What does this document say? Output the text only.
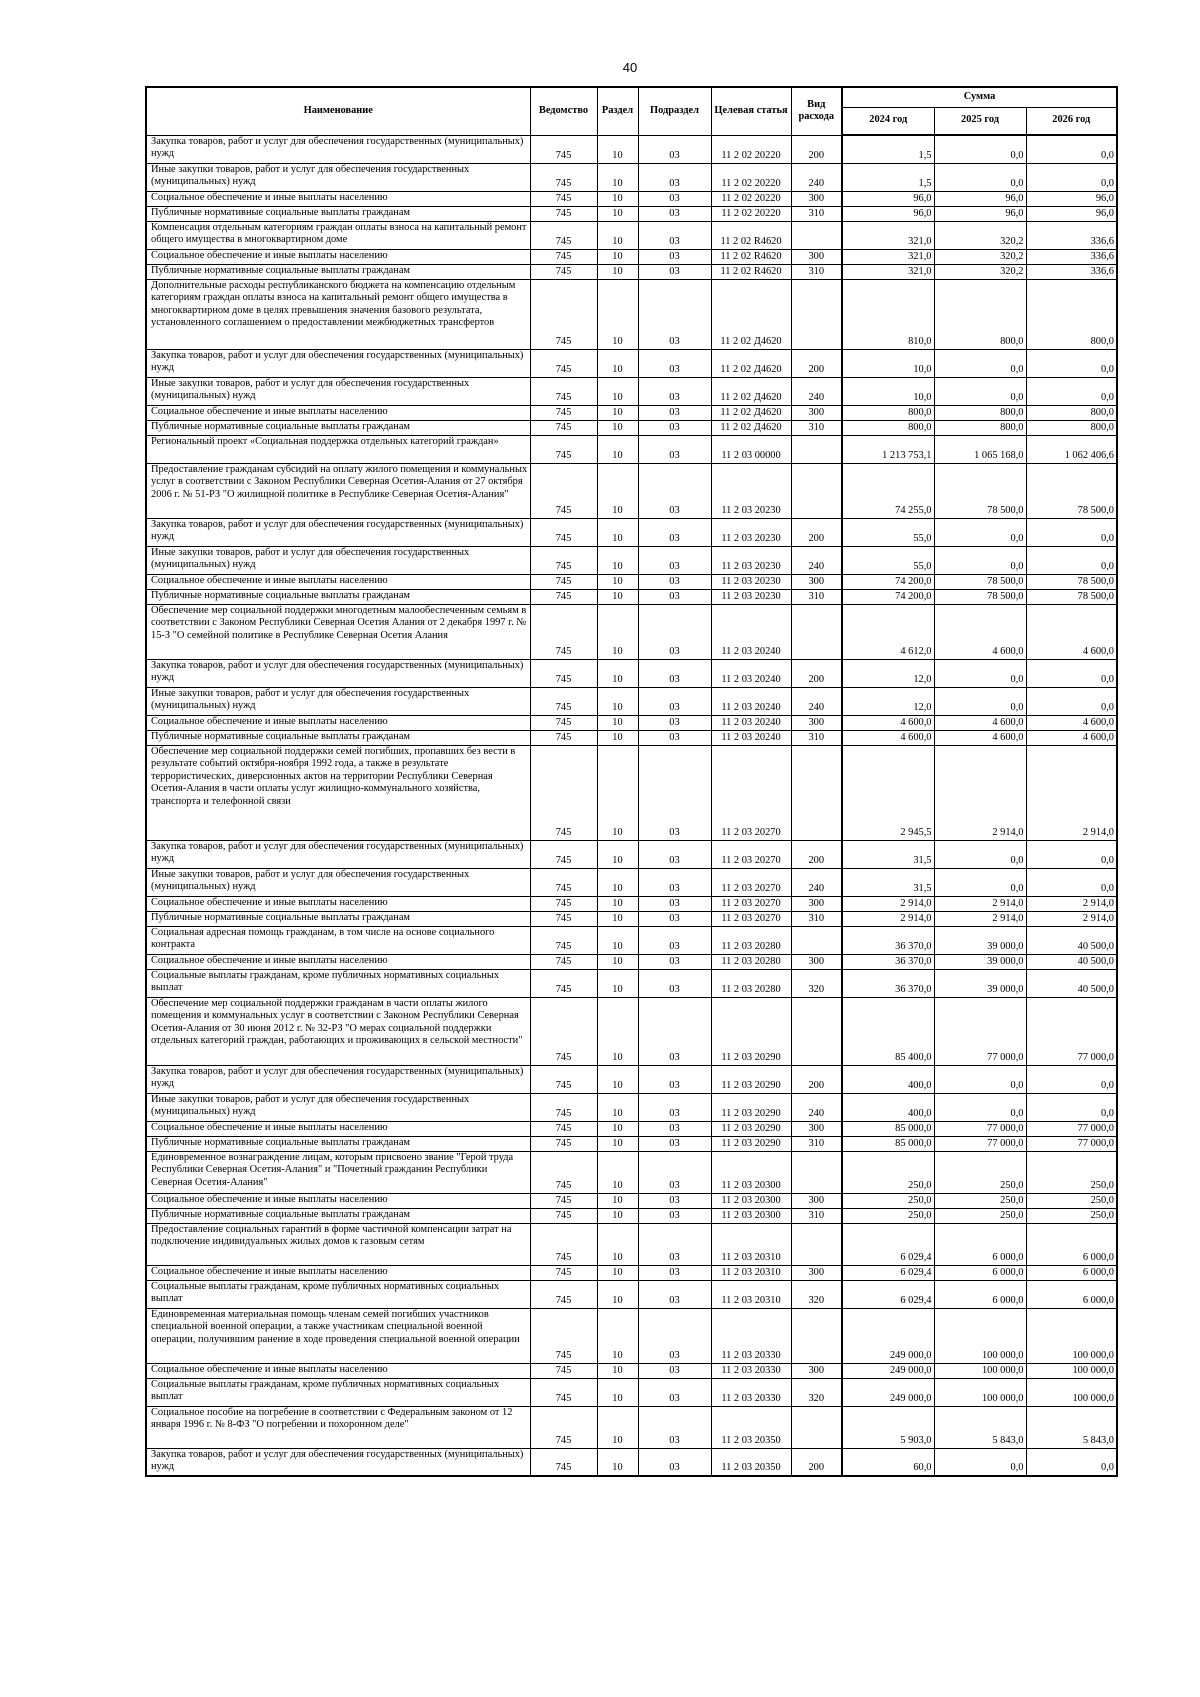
40
Наименование	Ведомство	Раздел	Подраздел	Целевая статья	Вид расхода	Сумма		
						2024 год	2025 год	2026 год
Закупка товаров, работ и услуг для обеспечения государственных (муниципальных) нужд	745	10	03	11 2 02 20220	200	1,5	0,0	0,0
Иные закупки товаров, работ и услуг для обеспечения государственных (муниципальных) нужд	745	10	03	11 2 02 20220	240	1,5	0,0	0,0
Социальное обеспечение и иные выплаты населению	745	10	03	11 2 02 20220	300	96,0	96,0	96,0
Публичные нормативные социальные выплаты гражданам	745	10	03	11 2 02 20220	310	96,0	96,0	96,0
Компенсация отдельным категориям граждан оплаты взноса на капитальный ремонт общего имущества в многоквартирном доме	745	10	03	11 2 02 R4620		321,0	320,2	336,6
Социальное обеспечение и иные выплаты населению	745	10	03	11 2 02 R4620	300	321,0	320,2	336,6
Публичные нормативные социальные выплаты гражданам	745	10	03	11 2 02 R4620	310	321,0	320,2	336,6
Дополнительные расходы республиканского бюджета на компенсацию отдельным категориям граждан оплаты взноса на капитальный ремонт общего имущества в многоквартирном доме в целях превышения значения базового результата, установленного соглашением о предоставлении межбюджетных трансфертов	745	10	03	11 2 02 Д4620		810,0	800,0	800,0
Закупка товаров, работ и услуг для обеспечения государственных (муниципальных) нужд	745	10	03	11 2 02 Д4620	200	10,0	0,0	0,0
Иные закупки товаров, работ и услуг для обеспечения государственных (муниципальных) нужд	745	10	03	11 2 02 Д4620	240	10,0	0,0	0,0
Социальное обеспечение и иные выплаты населению	745	10	03	11 2 02 Д4620	300	800,0	800,0	800,0
Публичные нормативные социальные выплаты гражданам	745	10	03	11 2 02 Д4620	310	800,0	800,0	800,0
Региональный проект «Социальная поддержка отдельных категорий граждан»	745	10	03	11 2 03 00000		1 213 753,1	1 065 168,0	1 062 406,6
Предоставление гражданам субсидий на оплату жилого помещения и коммунальных услуг в соответствии с Законом Республики Северная Осетия-Алания от 27 октября 2006 г. № 51-РЗ "О жилищной политике в Республике Северная Осетия-Алания"	745	10	03	11 2 03 20230		74 255,0	78 500,0	78 500,0
Закупка товаров, работ и услуг для обеспечения государственных (муниципальных) нужд	745	10	03	11 2 03 20230	200	55,0	0,0	0,0
Иные закупки товаров, работ и услуг для обеспечения государственных (муниципальных) нужд	745	10	03	11 2 03 20230	240	55,0	0,0	0,0
Социальное обеспечение и иные выплаты населению	745	10	03	11 2 03 20230	300	74 200,0	78 500,0	78 500,0
Публичные нормативные социальные выплаты гражданам	745	10	03	11 2 03 20230	310	74 200,0	78 500,0	78 500,0
Обеспечение мер социальной поддержки многодетным малообеспеченным семьям в соответствии с Законом Республики Северная Осетия Алания от 2 декабря 1997 г. № 15-З "О семейной политике в Республике Северная Осетия Алания	745	10	03	11 2 03 20240		4 612,0	4 600,0	4 600,0
Закупка товаров, работ и услуг для обеспечения государственных (муниципальных) нужд	745	10	03	11 2 03 20240	200	12,0	0,0	0,0
Иные закупки товаров, работ и услуг для обеспечения государственных (муниципальных) нужд	745	10	03	11 2 03 20240	240	12,0	0,0	0,0
Социальное обеспечение и иные выплаты населению	745	10	03	11 2 03 20240	300	4 600,0	4 600,0	4 600,0
Публичные нормативные социальные выплаты гражданам	745	10	03	11 2 03 20240	310	4 600,0	4 600,0	4 600,0
Обеспечение мер социальной поддержки семей погибших, пропавших без вести в результате событий октября-ноября 1992 года, а также в результате террористических, диверсионных актов на территории Республики Северная Осетия-Алания в части оплаты услуг жилищно-коммунального хозяйства, транспорта и телефонной связи	745	10	03	11 2 03 20270		2 945,5	2 914,0	2 914,0
Закупка товаров, работ и услуг для обеспечения государственных (муниципальных) нужд	745	10	03	11 2 03 20270	200	31,5	0,0	0,0
Иные закупки товаров, работ и услуг для обеспечения государственных (муниципальных) нужд	745	10	03	11 2 03 20270	240	31,5	0,0	0,0
Социальное обеспечение и иные выплаты населению	745	10	03	11 2 03 20270	300	2 914,0	2 914,0	2 914,0
Публичные нормативные социальные выплаты гражданам	745	10	03	11 2 03 20270	310	2 914,0	2 914,0	2 914,0
Социальная адресная помощь гражданам, в том числе на основе социального контракта	745	10	03	11 2 03 20280		36 370,0	39 000,0	40 500,0
Социальное обеспечение и иные выплаты населению	745	10	03	11 2 03 20280	300	36 370,0	39 000,0	40 500,0
Социальные выплаты гражданам, кроме публичных нормативных социальных выплат	745	10	03	11 2 03 20280	320	36 370,0	39 000,0	40 500,0
Обеспечение мер социальной поддержки гражданам в части оплаты жилого помещения и коммунальных услуг в соответствии с Законом Республики Северная Осетия-Алания от 30 июня 2012 г. № 32-РЗ "О мерах социальной поддержки отдельных категорий граждан, работающих и проживающих в сельской местности"	745	10	03	11 2 03 20290		85 400,0	77 000,0	77 000,0
Закупка товаров, работ и услуг для обеспечения государственных (муниципальных) нужд	745	10	03	11 2 03 20290	200	400,0	0,0	0,0
Иные закупки товаров, работ и услуг для обеспечения государственных (муниципальных) нужд	745	10	03	11 2 03 20290	240	400,0	0,0	0,0
Социальное обеспечение и иные выплаты населению	745	10	03	11 2 03 20290	300	85 000,0	77 000,0	77 000,0
Публичные нормативные социальные выплаты гражданам	745	10	03	11 2 03 20290	310	85 000,0	77 000,0	77 000,0
Единовременное вознаграждение лицам, которым присвоено звание "Герой труда Республики Северная Осетия-Алания" и "Почетный гражданин Республики Северная Осетия-Алания"	745	10	03	11 2 03 20300		250,0	250,0	250,0
Социальное обеспечение и иные выплаты населению	745	10	03	11 2 03 20300	300	250,0	250,0	250,0
Публичные нормативные социальные выплаты гражданам	745	10	03	11 2 03 20300	310	250,0	250,0	250,0
Предоставление социальных гарантий в форме частичной компенсации затрат на подключение индивидуальных жилых домов к газовым сетям	745	10	03	11 2 03 20310		6 029,4	6 000,0	6 000,0
Социальное обеспечение и иные выплаты населению	745	10	03	11 2 03 20310	300	6 029,4	6 000,0	6 000,0
Социальные выплаты гражданам, кроме публичных нормативных социальных выплат	745	10	03	11 2 03 20310	320	6 029,4	6 000,0	6 000,0
Единовременная материальная помощь членам семей погибших участников специальной военной операции, а также участникам специальной военной операции, получившим ранение в ходе проведения специальной военной операции	745	10	03	11 2 03 20330		249 000,0	100 000,0	100 000,0
Социальное обеспечение и иные выплаты населению	745	10	03	11 2 03 20330	300	249 000,0	100 000,0	100 000,0
Социальные выплаты гражданам, кроме публичных нормативных социальных выплат	745	10	03	11 2 03 20330	320	249 000,0	100 000,0	100 000,0
Социальное пособие на погребение в соответствии с Федеральным законом от 12 января 1996 г. № 8-ФЗ "О погребении и похоронном деле"	745	10	03	11 2 03 20350		5 903,0	5 843,0	5 843,0
Закупка товаров, работ и услуг для обеспечения государственных (муниципальных) нужд	745	10	03	11 2 03 20350	200	60,0	0,0	0,0
